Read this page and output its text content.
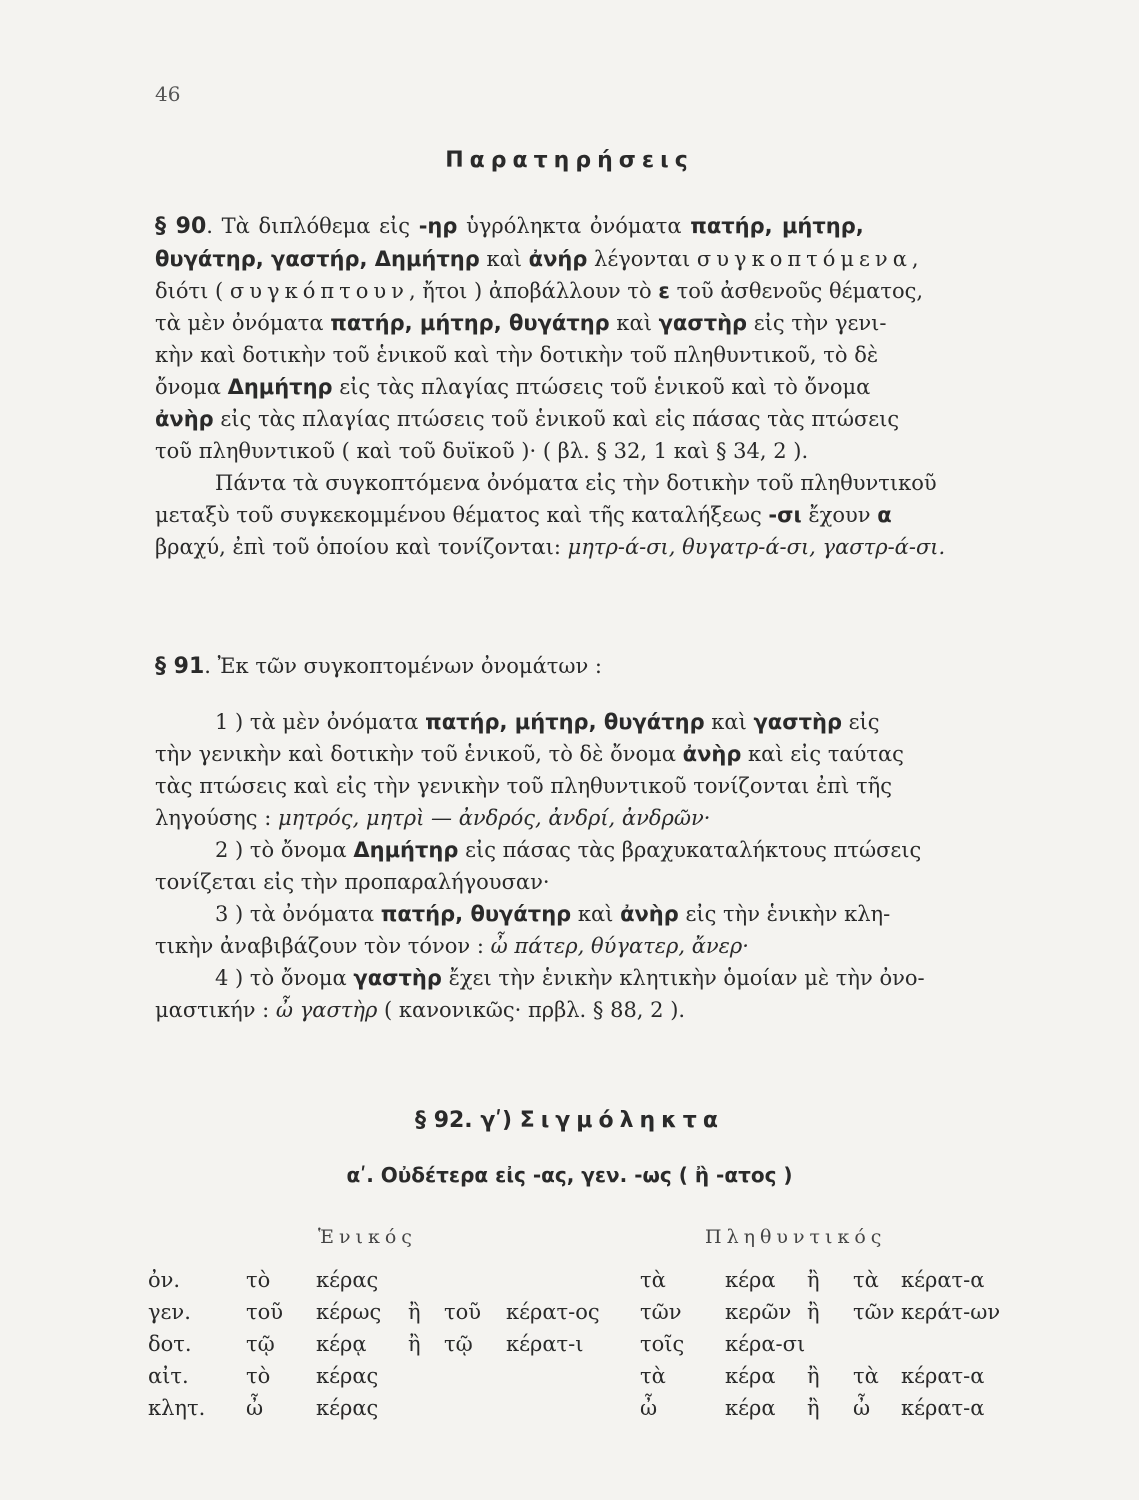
46
Παρατηρήσεις
§ 90. Τὰ διπλόθεμα εἰς -ηρ ὑγρόληκτα ὀνόματα πατήρ, μήτηρ,
θυγάτηρ, γαστήρ, Δημήτηρ καὶ ἀνήρ λέγονται συγκοπτόμενα,
διότι ( συγκόπτουν, ἤτοι ) ἀποβάλλουν τὸ ε τοῦ ἀσθενοῦς θέματος,
τὰ μὲν ὀνόματα πατήρ, μήτηρ, θυγάτηρ καὶ γαστὴρ εἰς τὴν γενι-
κὴν καὶ δοτικὴν τοῦ ἑνικοῦ καὶ τὴν δοτικὴν τοῦ πληθυντικοῦ, τὸ δὲ
ὄνομα Δημήτηρ εἰς τὰς πλαγίας πτώσεις τοῦ ἑνικοῦ καὶ τὸ ὄνομα
ἀνὴρ εἰς τὰς πλαγίας πτώσεις τοῦ ἑνικοῦ καὶ εἰς πάσας τὰς πτώσεις
τοῦ πληθυντικοῦ ( καὶ τοῦ δυϊκοῦ )· ( βλ. § 32, 1 καὶ § 34, 2 ).
Πάντα τὰ συγκοπτόμενα ὀνόματα εἰς τὴν δοτικὴν τοῦ πληθυντικοῦ
μεταξὺ τοῦ συγκεκομμένου θέματος καὶ τῆς καταλήξεως -σι ἔχουν α
βραχύ, ἐπὶ τοῦ ὁποίου καὶ τονίζονται: μητρ-ά-σι, θυγατρ-ά-σι, γαστρ-ά-σι.
§ 91. Ἐκ τῶν συγκοπτομένων ὀνομάτων :
1 ) τὰ μὲν ὀνόματα πατήρ, μήτηρ, θυγάτηρ καὶ γαστὴρ εἰς
τὴν γενικὴν καὶ δοτικὴν τοῦ ἑνικοῦ, τὸ δὲ ὄνομα ἀνὴρ καὶ εἰς ταύτας
τὰς πτώσεις καὶ εἰς τὴν γενικὴν τοῦ πληθυντικοῦ τονίζονται ἐπὶ τῆς
ληγούσης : μητρός, μητρὶ — ἀνδρός, ἀνδρί, ἀνδρῶν·
2 ) τὸ ὄνομα Δημήτηρ εἰς πάσας τὰς βραχυκαταλήκτους πτώσεις
τονίζεται εἰς τὴν προπαραλήγουσαν·
3 ) τὰ ὀνόματα πατήρ, θυγάτηρ καὶ ἀνὴρ εἰς τὴν ἑνικὴν κλη-
τικὴν ἀναβιβάζουν τὸν τόνον : ὦ πάτερ, θύγατερ, ἄνερ·
4 ) τὸ ὄνομα γαστὴρ ἔχει τὴν ἑνικὴν κλητικὴν ὁμοίαν μὲ τὴν ὀνο-
μαστικήν : ὦ γαστὴρ ( κανονικῶς· πρβλ. § 88, 2 ).
§ 92. γʹ) Σιγμόληκτα
αʹ. Οὐδέτερα εἰς -ας, γεν. -ως ( ἢ -ατος )
Ἑνικός	Πληθυντικός
ὀν.	τὸ	κέρας				τὰ	κέρα	ἢ	τὰ	κέρατ-α
γεν.	τοῦ	κέρως	ἢ	τοῦ	κέρατ-ος	τῶν	κερῶν	ἢ	τῶν	κεράτ-ων
δοτ.	τῷ	κέρᾳ	ἢ	τῷ	κέρατ-ι	τοῖς	κέρα-σι			
αἰτ.	τὸ	κέρας				τὰ	κέρα	ἢ	τὰ	κέρατ-α
κλητ.	ὦ	κέρας				ὦ	κέρα	ἢ	ὦ	κέρατ-α
